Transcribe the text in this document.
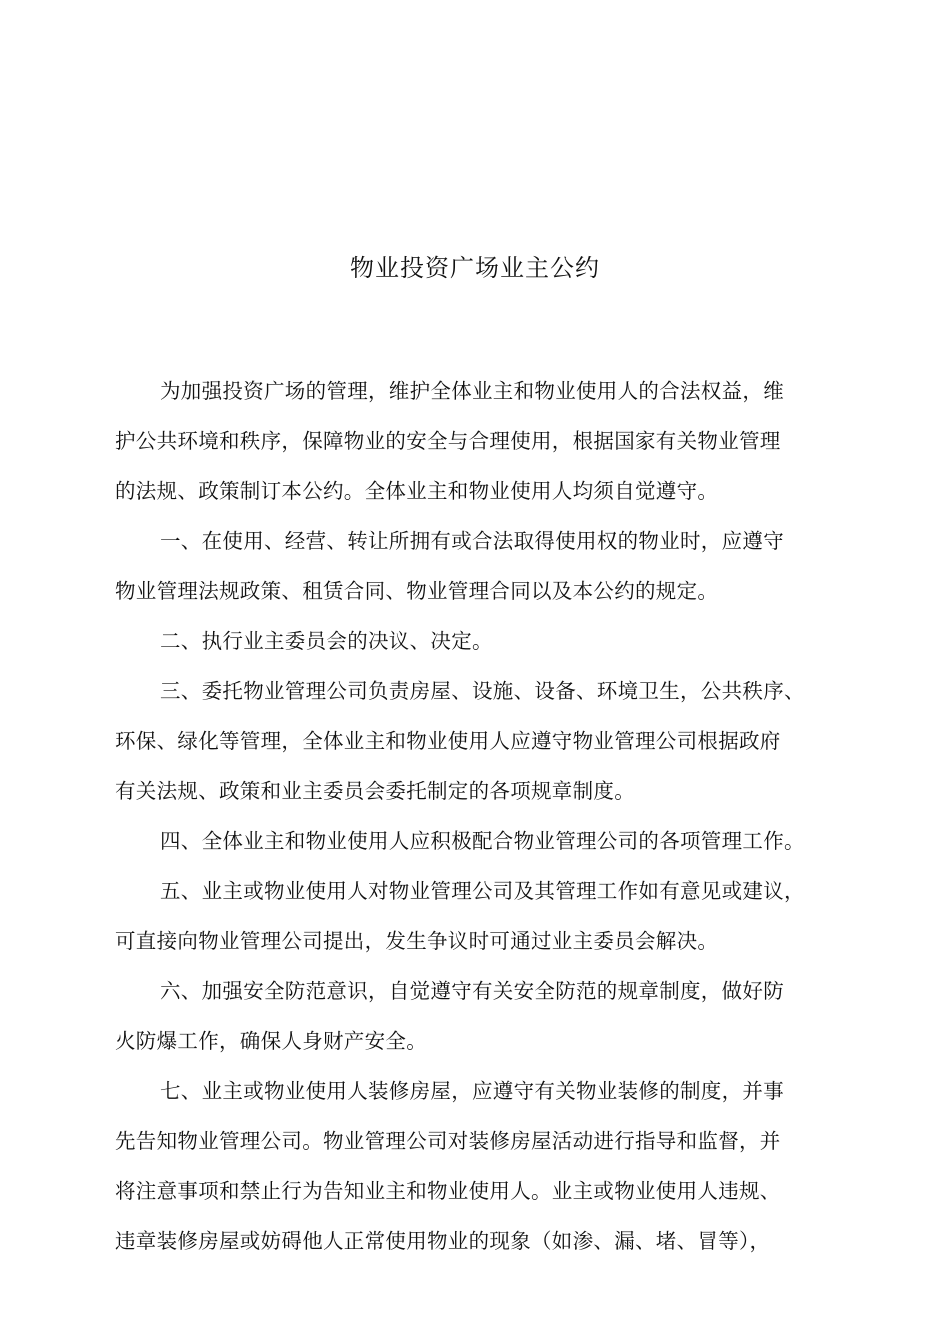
物业投资广场业主公约
为加强投资广场的管理，维护全体业主和物业使用人的合法权益，维
护公共环境和秩序，保障物业的安全与合理使用，根据国家有关物业管理
的法规、政策制订本公约。全体业主和物业使用人均须自觉遵守。
一、在使用、经营、转让所拥有或合法取得使用权的物业时，应遵守
物业管理法规政策、租赁合同、物业管理合同以及本公约的规定。
二、执行业主委员会的决议、决定。
三、委托物业管理公司负责房屋、设施、设备、环境卫生，公共秩序、
环保、绿化等管理，全体业主和物业使用人应遵守物业管理公司根据政府
有关法规、政策和业主委员会委托制定的各项规章制度。
四、全体业主和物业使用人应积极配合物业管理公司的各项管理工作。
五、业主或物业使用人对物业管理公司及其管理工作如有意见或建议，
可直接向物业管理公司提出，发生争议时可通过业主委员会解决。
六、加强安全防范意识，自觉遵守有关安全防范的规章制度，做好防
火防爆工作，确保人身财产安全。
七、业主或物业使用人装修房屋，应遵守有关物业装修的制度，并事
先告知物业管理公司。物业管理公司对装修房屋活动进行指导和监督，并
将注意事项和禁止行为告知业主和物业使用人。业主或物业使用人违规、
违章装修房屋或妨碍他人正常使用物业的现象（如渗、漏、堵、冒等），
